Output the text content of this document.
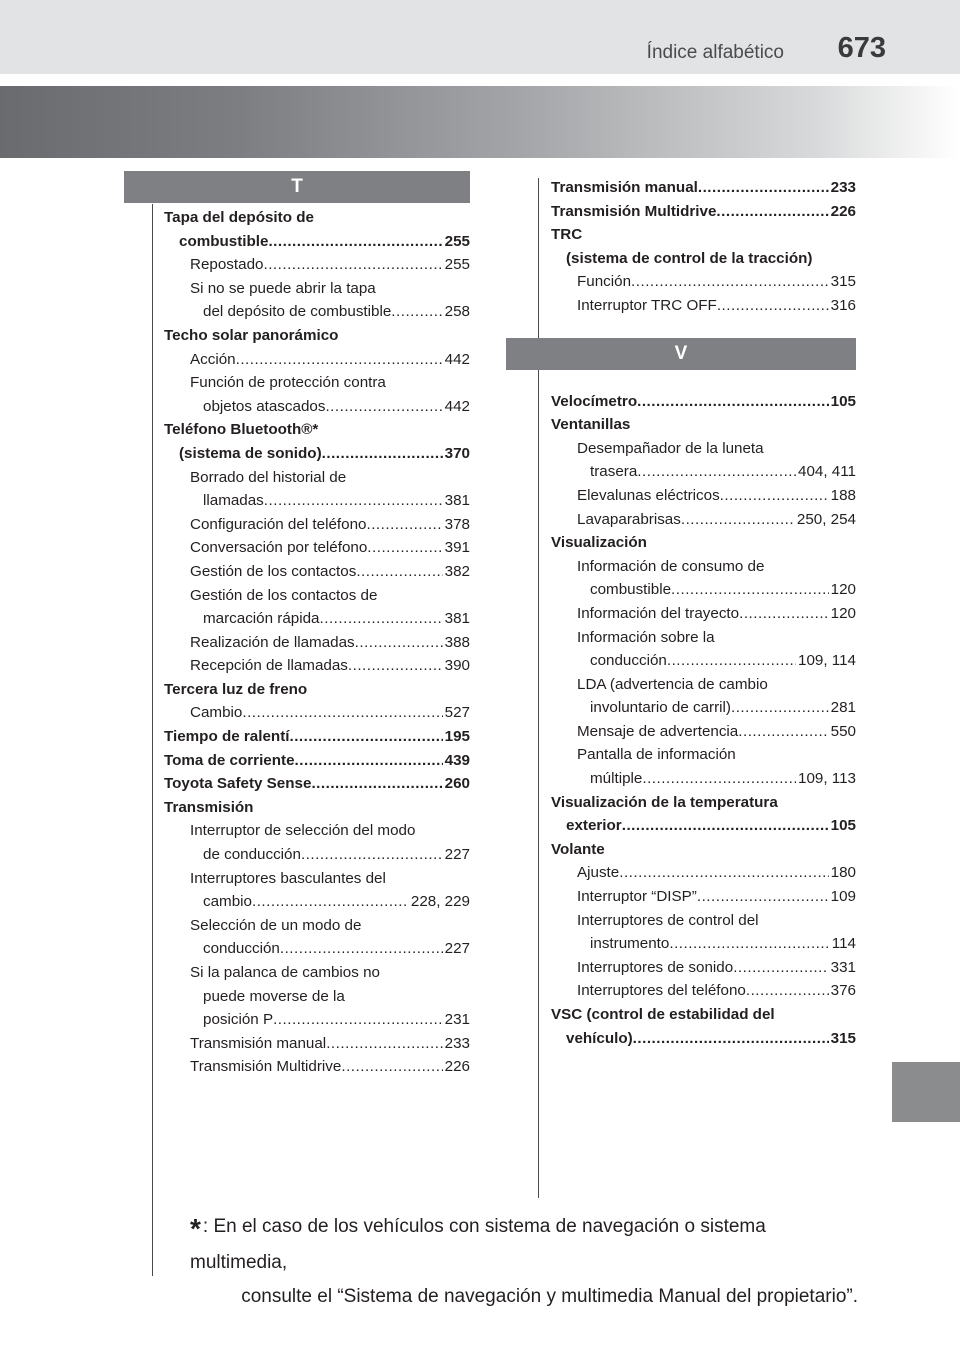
Índice alfabético 673
T
Tapa del depósito de
combustible .....	255
Repostado .....	255
Si no se puede abrir la tapa
del depósito de combustible .....	258
Techo solar panorámico
Acción .....	442
Función de protección contra
objetos atascados .....	442
Teléfono Bluetooth®*
(sistema de sonido) .....	370
Borrado del historial de
llamadas .....	381
Configuración del teléfono .....	378
Conversación por teléfono .....	391
Gestión de los contactos .....	382
Gestión de los contactos de
marcación rápida .....	381
Realización de llamadas .....	388
Recepción de llamadas .....	390
Tercera luz de freno
Cambio .....	527
Tiempo de ralentí .....	195
Toma de corriente .....	439
Toyota Safety Sense .....	260
Transmisión
Interruptor de selección del modo
de conducción .....	227
Interruptores basculantes del
cambio .....	228, 229
Selección de un modo de
conducción .....	227
Si la palanca de cambios no
puede moverse de la
posición P .....	231
Transmisión manual .....	233
Transmisión Multidrive .....	226
Transmisión manual .....	233
Transmisión Multidrive .....	226
TRC
(sistema de control de la tracción)
Función .....	315
Interruptor TRC OFF .....	316
V
Velocímetro .....	105
Ventanillas
Desempañador de la luneta
trasera .....	404, 411
Elevalunas eléctricos .....	188
Lavaparabrisas .....	250, 254
Visualización
Información de consumo de
combustible .....	120
Información del trayecto .....	120
Información sobre la
conducción .....	109, 114
LDA (advertencia de cambio
involuntario de carril) .....	281
Mensaje de advertencia .....	550
Pantalla de información
múltiple .....	109, 113
Visualización de la temperatura
exterior .....	105
Volante
Ajuste .....	180
Interruptor “DISP” .....	109
Interruptores de control del
instrumento .....	114
Interruptores de sonido .....	331
Interruptores del teléfono .....	376
VSC (control de estabilidad del
vehículo) .....	315
* : En el caso de los vehículos con sistema de navegación o sistema multimedia,
consulte el “Sistema de navegación y multimedia Manual del propietario”.
